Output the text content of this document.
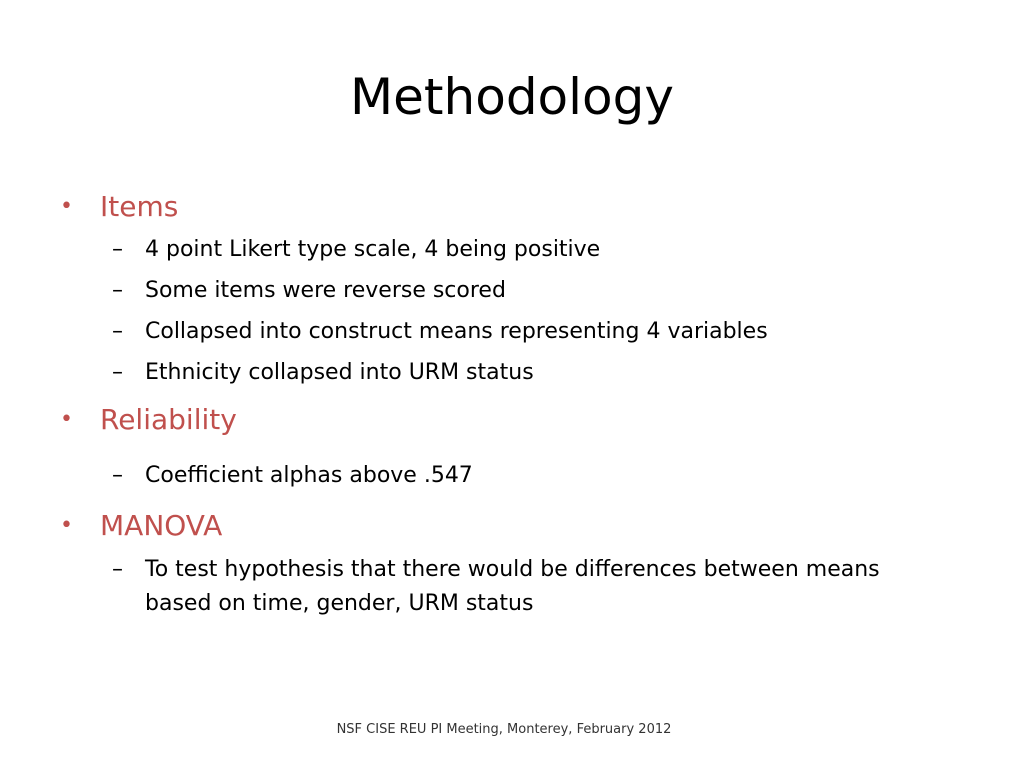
Methodology
• Items
–	4 point Likert type scale, 4 being positive
–	Some items were reverse scored
–	Collapsed into construct means representing 4 variables
–	Ethnicity collapsed into URM status
• Reliability
–	Coefficient alphas above .547
• MANOVA
–	To test hypothesis that there would be differences between means based on time, gender, URM status
NSF CISE REU PI Meeting, Monterey, February 2012
